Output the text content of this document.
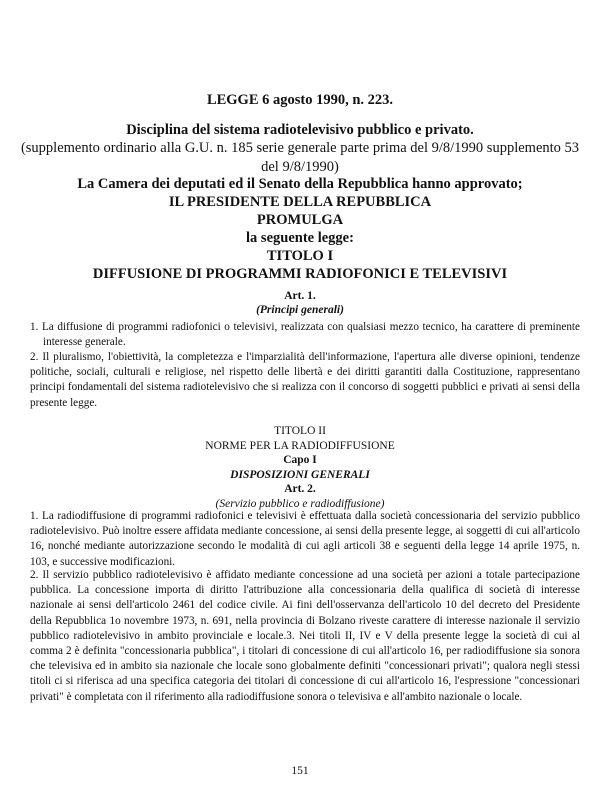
LEGGE 6 agosto 1990, n. 223.
Disciplina del sistema radiotelevisivo pubblico e privato.
(supplemento ordinario alla G.U. n. 185 serie generale parte prima del 9/8/1990 supplemento 53 del 9/8/1990)
La Camera dei deputati ed il Senato della Repubblica hanno approvato;
IL PRESIDENTE DELLA REPUBBLICA
PROMULGA
la seguente legge:
TITOLO I
DIFFUSIONE DI PROGRAMMI RADIOFONICI E TELEVISIVI
Art. 1.
(Principi generali)
1. La diffusione di programmi radiofonici o televisivi, realizzata con qualsiasi mezzo tecnico, ha carattere di preminente interesse generale.
2. Il pluralismo, l'obiettività, la completezza e l'imparzialità dell'informazione, l'apertura alle diverse opinioni, tendenze politiche, sociali, culturali e religiose, nel rispetto delle libertà e dei diritti garantiti dalla Costituzione, rappresentano principi fondamentali del sistema radiotelevisivo che si realizza con il concorso di soggetti pubblici e privati ai sensi della presente legge.
TITOLO II
NORME PER LA RADIODIFFUSIONE
Capo I
DISPOSIZIONI GENERALI
Art. 2.
(Servizio pubblico e radiodiffusione)
1. La radiodiffusione di programmi radiofonici e televisivi è effettuata dalla società concessionaria del servizio pubblico radiotelevisivo. Può inoltre essere affidata mediante concessione, ai sensi della presente legge, ai soggetti di cui all'articolo 16, nonché mediante autorizzazione secondo le modalità di cui agli articoli 38 e seguenti della legge 14 aprile 1975, n. 103, e successive modificazioni.
2. Il servizio pubblico radiotelevisivo è affidato mediante concessione ad una società per azioni a totale partecipazione pubblica. La concessione importa di diritto l'attribuzione alla concessionaria della qualifica di società di interesse nazionale ai sensi dell'articolo 2461 del codice civile. Ai fini dell'osservanza dell'articolo 10 del decreto del Presidente della Repubblica 1o novembre 1973, n. 691, nella provincia di Bolzano riveste carattere di interesse nazionale il servizio pubblico radiotelevisivo in ambito provinciale e locale.3. Nei titoli II, IV e V della presente legge la società di cui al comma 2 è definita "concessionaria pubblica", i titolari di concessione di cui all'articolo 16, per radiodiffusione sia sonora che televisiva ed in ambito sia nazionale che locale sono globalmente definiti "concessionari privati"; qualora negli stessi titoli ci si riferisca ad una specifica categoria dei titolari di concessione di cui all'articolo 16, l'espressione "concessionari privati" è completata con il riferimento alla radiodiffusione sonora o televisiva e all'ambito nazionale o locale.
151
